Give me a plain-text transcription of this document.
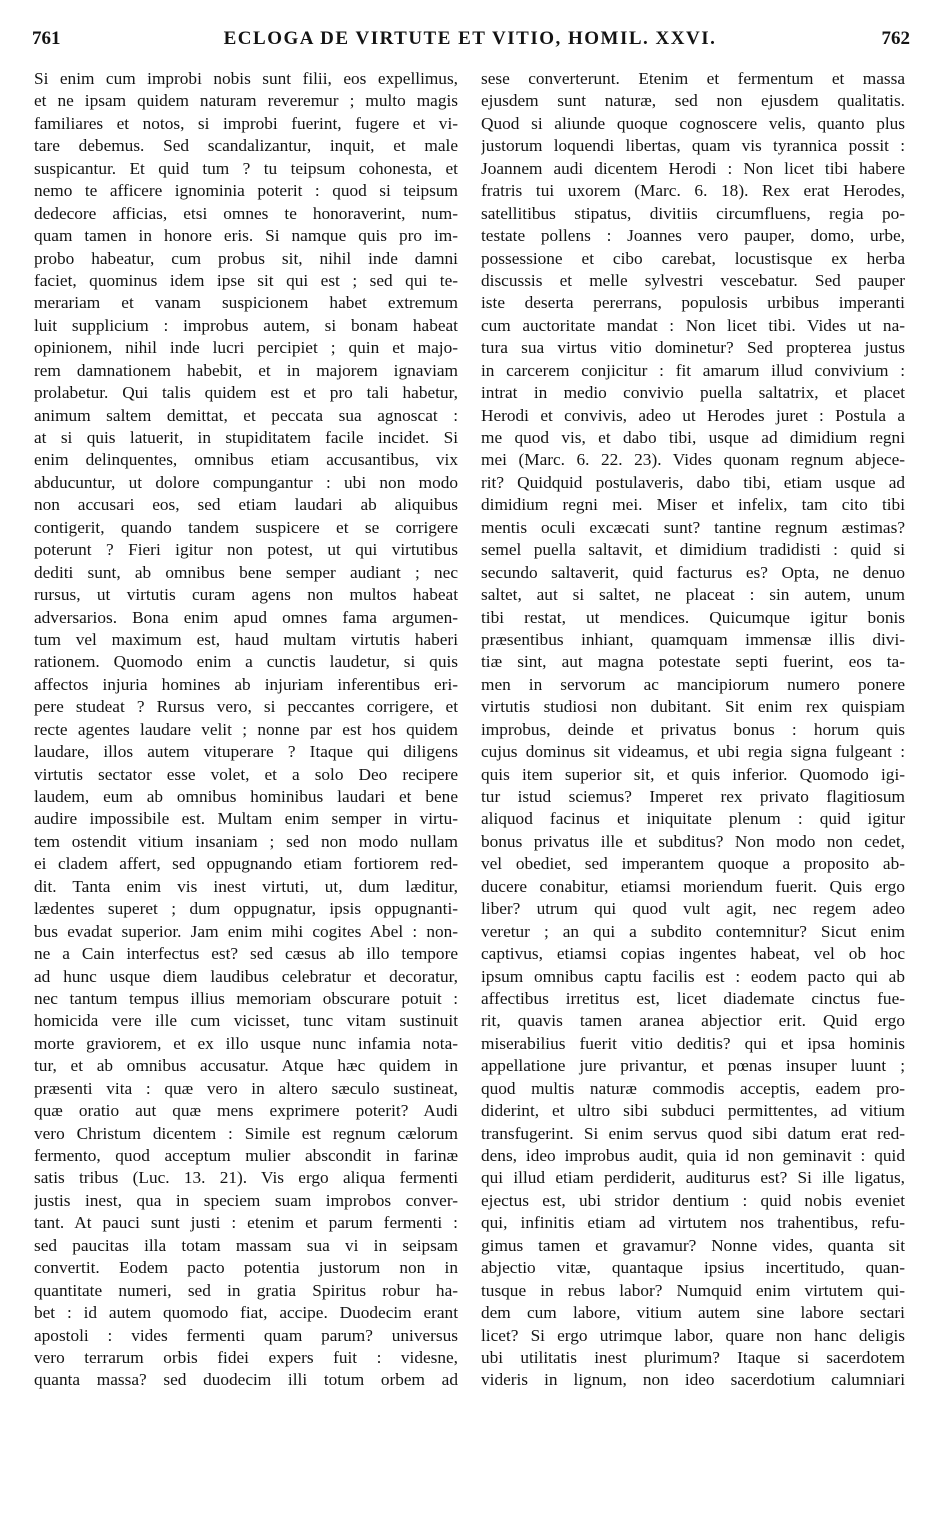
761	ECLOGA DE VIRTUTE ET VITIO, HOMIL. XXVI.	762
Si enim cum improbi nobis sunt filii, eos expellimus,
et ne ipsam quidem naturam reveremur ; multo magis
familiares et notos, si improbi fuerint, fugere et vi-
tare debemus. Sed scandalizantur, inquit, et male
suspicantur. Et quid tum ? tu teipsum cohonesta, et
nemo te afficere ignominia poterit : quod si teipsum
dedecore afficias, etsi omnes te honoraverint, num-
quam tamen in honore eris. Si namque quis pro im-
probo habeatur, cum probus sit, nihil inde damni
faciet, quominus idem ipse sit qui est ; sed qui te-
merariam et vanam suspicionem habet extremum
luit supplicium : improbus autem, si bonam habeat
opinionem, nihil inde lucri percipiet ; quin et majo-
rem damnationem habebit, et in majorem ignaviam
prolabetur. Qui talis quidem est et pro tali habetur,
animum saltem demittat, et peccata sua agnoscat :
at si quis latuerit, in stupiditatem facile incidet. Si
enim delinquentes, omnibus etiam accusantibus, vix
abducuntur, ut dolore compungantur : ubi non modo
non accusari eos, sed etiam laudari ab aliquibus
contigerit, quando tandem suspicere et se corrigere
poterunt ? Fieri igitur non potest, ut qui virtutibus
dediti sunt, ab omnibus bene semper audiant ; nec
rursus, ut virtutis curam agens non multos habeat
adversarios. Bona enim apud omnes fama argumen-
tum vel maximum est, haud multam virtutis haberi
rationem. Quomodo enim a cunctis laudetur, si quis
affectos injuria homines ab injuriam inferentibus eri-
pere studeat ? Rursus vero, si peccantes corrigere, et
recte agentes laudare velit ; nonne par est hos quidem
laudare, illos autem vituperare ? Itaque qui diligens
virtutis sectator esse volet, et a solo Deo recipere
laudem, eum ab omnibus hominibus laudari et bene
audire impossibile est. Multam enim semper in virtu-
tem ostendit vitium insaniam ; sed non modo nullam
ei cladem affert, sed oppugnando etiam fortiorem red-
dit. Tanta enim vis inest virtuti, ut, dum læditur,
lædentes superet ; dum oppugnatur, ipsis oppugnanti-
bus evadat superior. Jam enim mihi cogites Abel : non-
ne a Cain interfectus est? sed cæsus ab illo tempore
ad hunc usque diem laudibus celebratur et decoratur,
nec tantum tempus illius memoriam obscurare potuit :
homicida vere ille cum vicisset, tunc vitam sustinuit
morte graviorem, et ex illo usque nunc infamia nota-
tur, et ab omnibus accusatur. Atque hæc quidem in
præsenti vita : quæ vero in altero sæculo sustineat,
quæ oratio aut quæ mens exprimere poterit? Audi
vero Christum dicentem : Simile est regnum cælorum
fermento, quod acceptum mulier abscondit in farinæ
satis tribus (Luc. 13. 21). Vis ergo aliqua fermenti
justis inest, qua in speciem suam improbos conver-
tant. At pauci sunt justi : etenim et parum fermenti :
sed paucitas illa totam massam sua vi in seipsam
convertit. Eodem pacto potentia justorum non in
quantitate numeri, sed in gratia Spiritus robur ha-
bet : id autem quomodo fiat, accipe. Duodecim erant
apostoli : vides fermenti quam parum? universus
vero terrarum orbis fidei expers fuit : videsne,
quanta massa? sed duodecim illi totum orbem ad
sese converterunt. Etenim et fermentum et massa
ejusdem sunt naturæ, sed non ejusdem qualitatis.
Quod si aliunde quoque cognoscere velis, quanto plus
justorum loquendi libertas, quam vis tyrannica possit :
Joannem audi dicentem Herodi : Non licet tibi habere
fratris tui uxorem (Marc. 6. 18). Rex erat Herodes,
satellitibus stipatus, divitiis circumfluens, regia po-
testate pollens : Joannes vero pauper, domo, urbe,
possessione et cibo carebat, locustisque ex herba
discussis et melle sylvestri vescebatur. Sed pauper
iste deserta pererrans, populosis urbibus imperanti
cum auctoritate mandat : Non licet tibi. Vides ut na-
tura sua virtus vitio dominetur? Sed propterea justus
in carcerem conjicitur : fit amarum illud convivium :
intrat in medio convivio puella saltatrix, et placet
Herodi et convivis, adeo ut Herodes juret : Postula a
me quod vis, et dabo tibi, usque ad dimidium regni
mei (Marc. 6. 22. 23). Vides quonam regnum abjece-
rit? Quidquid postulaveris, dabo tibi, etiam usque ad
dimidium regni mei. Miser et infelix, tam cito tibi
mentis oculi excæcati sunt? tantine regnum æstimas?
semel puella saltavit, et dimidium tradidisti : quid si
secundo saltaverit, quid facturus es? Opta, ne denuo
saltet, aut si saltet, ne placeat : sin autem, unum
tibi restat, ut mendices. Quicumque igitur bonis
præsentibus inhiant, quamquam immensæ illis divi-
tiæ sint, aut magna potestate septi fuerint, eos ta-
men in servorum ac mancipiorum numero ponere
virtutis studiosi non dubitant. Sit enim rex quispiam
improbus, deinde et privatus bonus : horum quis
cujus dominus sit videamus, et ubi regia signa fulgeant :
quis item superior sit, et quis inferior. Quomodo igi-
tur istud sciemus? Imperet rex privato flagitiosum
aliquod facinus et iniquitate plenum : quid igitur
bonus privatus ille et subditus? Non modo non cedet,
vel obediet, sed imperantem quoque a proposito ab-
ducere conabitur, etiamsi moriendum fuerit. Quis ergo
liber? utrum qui quod vult agit, nec regem adeo
veretur ; an qui a subdito contemnitur? Sicut enim
captivus, etiamsi copias ingentes habeat, vel ob hoc
ipsum omnibus captu facilis est : eodem pacto qui ab
affectibus irretitus est, licet diademate cinctus fue-
rit, quavis tamen aranea abjectior erit. Quid ergo
miserabilius fuerit vitio deditis? qui et ipsa hominis
appellatione jure privantur, et pœnas insuper luunt ;
quod multis naturæ commodis acceptis, eadem pro-
diderint, et ultro sibi subduci permittentes, ad vitium
transfugerint. Si enim servus quod sibi datum erat red-
dens, ideo improbus audit, quia id non geminavit : quid
qui illud etiam perdiderit, auditurus est? Si ille ligatus,
ejectus est, ubi stridor dentium : quid nobis eveniet
qui, infinitis etiam ad virtutem nos trahentibus, refu-
gimus tamen et gravamur? Nonne vides, quanta sit
abjectio vitæ, quantaque ipsius incertitudo, quan-
tusque in rebus labor? Numquid enim virtutem qui-
dem cum labore, vitium autem sine labore sectari
licet? Si ergo utrimque labor, quare non hanc deligis
ubi utilitatis inest plurimum? Itaque si sacerdotem
videris in lignum, non ideo sacerdotium calumniari
